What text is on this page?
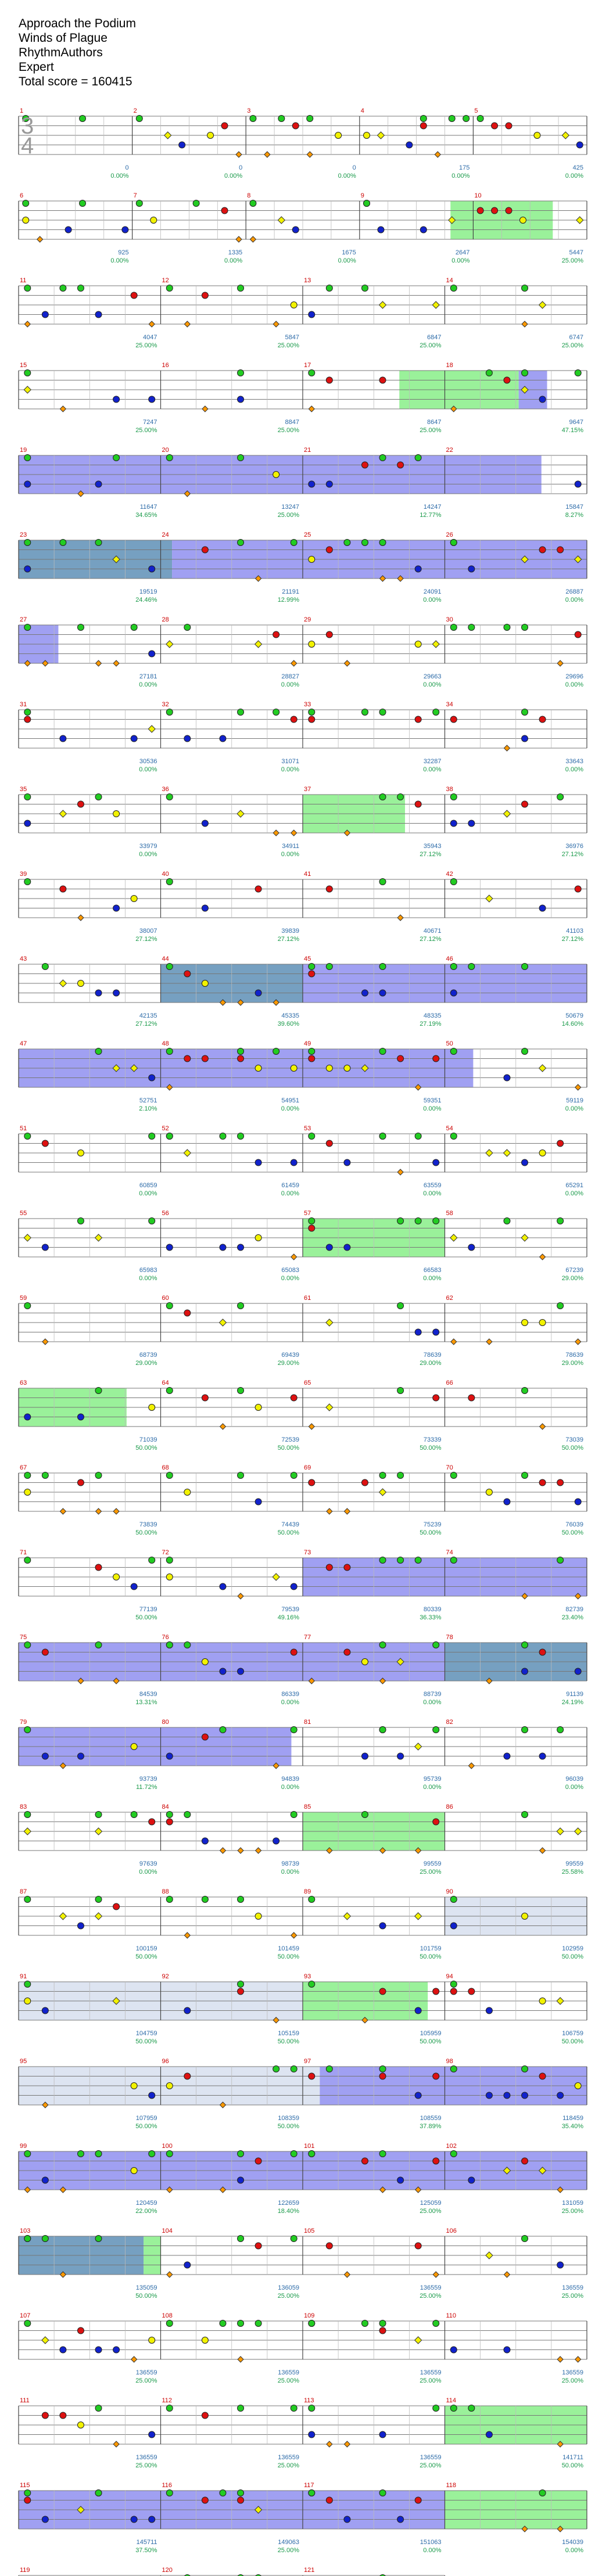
Approach the Podium
Winds of Plague
RhythmAuthors
Expert
Total score = 160415
1
0
0.00%
2
0
0.00%
3
0
0.00%
4
175
0.00%
5
425
0.00%
6
925
0.00%
7
1335
0.00%
8
1675
0.00%
9
2647
0.00%
10
5447
25.00%
11
4047
25.00%
12
5847
25.00%
13
6847
25.00%
14
6747
25.00%
15
7247
25.00%
16
8847
25.00%
17
8647
25.00%
18
9647
47.15%
19
11647
34.65%
20
13247
25.00%
21
14247
12.77%
22
15847
8.27%
23
19519
24.46%
24
21191
12.99%
25
24091
0.00%
26
26887
0.00%
27
27181
0.00%
28
28827
0.00%
29
29663
0.00%
30
29696
0.00%
31
30536
0.00%
32
31071
0.00%
33
32287
0.00%
34
33643
0.00%
35
33979
0.00%
36
34911
0.00%
37
35943
27.12%
38
36976
27.12%
39
38007
27.12%
40
39839
27.12%
41
40671
27.12%
42
41103
27.12%
43
42135
27.12%
44
45335
39.60%
45
48335
27.19%
46
50679
14.60%
47
52751
2.10%
48
54951
0.00%
49
59351
0.00%
50
59119
0.00%
51
60859
0.00%
52
61459
0.00%
53
63559
0.00%
54
65291
0.00%
55
65983
0.00%
56
65083
0.00%
57
66583
0.00%
58
67239
29.00%
59
68739
29.00%
60
69439
29.00%
61
78639
29.00%
62
78639
29.00%
63
71039
50.00%
64
72539
50.00%
65
73339
50.00%
66
73039
50.00%
67
73839
50.00%
68
74439
50.00%
69
75239
50.00%
70
76039
50.00%
71
77139
50.00%
72
79539
49.16%
73
80339
36.33%
74
82739
23.40%
75
84539
13.31%
76
86339
0.00%
77
88739
0.00%
78
91139
24.19%
79
93739
11.72%
80
94839
0.00%
81
95739
0.00%
82
96039
0.00%
83
97639
0.00%
84
98739
0.00%
85
99559
25.00%
86
99559
25.58%
87
100159
50.00%
88
101459
50.00%
89
101759
50.00%
90
102959
50.00%
91
104759
50.00%
92
105159
50.00%
93
105959
50.00%
94
106759
50.00%
95
107959
50.00%
96
108359
50.00%
97
108559
37.89%
98
118459
35.40%
99
120459
22.00%
100
122659
18.40%
101
125059
25.00%
102
131059
25.00%
103
135059
50.00%
104
136059
25.00%
105
136559
25.00%
106
136559
25.00%
107
136559
25.00%
108
136559
25.00%
109
136559
25.00%
110
136559
25.00%
111
136559
25.00%
112
136559
25.00%
113
136559
25.00%
114
141711
50.00%
115
145711
37.50%
116
149063
25.00%
117
151063
0.00%
118
154039
0.00%
119	120	121
3
4
